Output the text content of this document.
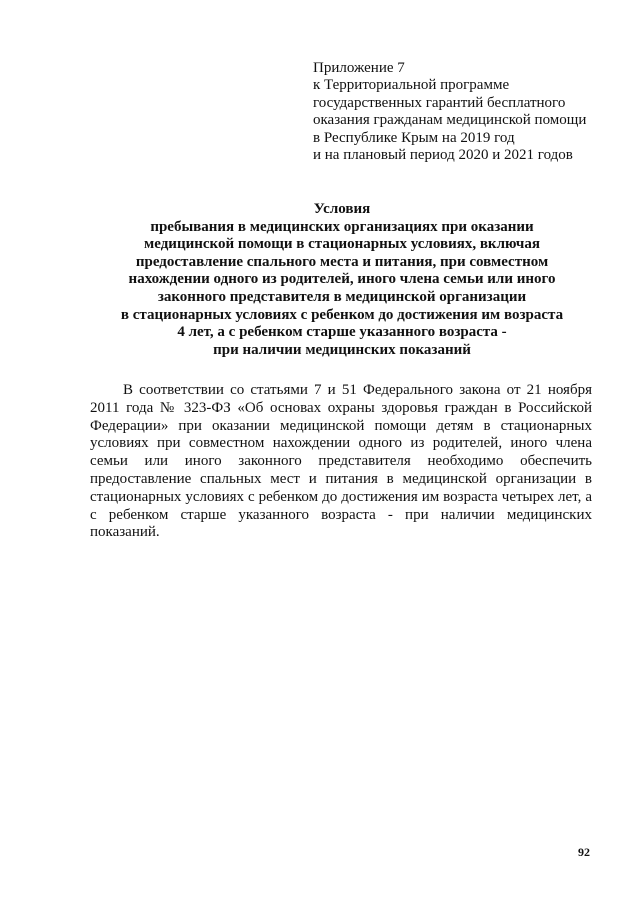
Приложение 7
к Территориальной программе
государственных гарантий бесплатного
оказания гражданам медицинской помощи
в Республике Крым на 2019 год
и на плановый период 2020 и 2021 годов
Условия
пребывания в медицинских организациях при оказании
медицинской помощи в стационарных условиях, включая
предоставление спального места и питания, при совместном
нахождении одного из родителей, иного члена семьи или иного
законного представителя в медицинской организации
в стационарных условиях с ребенком до достижения им возраста
4 лет, а с ребенком старше указанного возраста -
при наличии медицинских показаний

В соответствии со статьями 7 и 51 Федерального закона от 21 ноября 2011 года № 323-ФЗ «Об основах охраны здоровья граждан в Российской Федерации» при оказании медицинской помощи детям в стационарных условиях при совместном нахождении одного из родителей, иного члена семьи или иного законного представителя необходимо обеспечить предоставление спальных мест и питания в медицинской организации в стационарных условиях с ребенком до достижения им возраста четырех лет, а с ребенком старше указанного возраста - при наличии медицинских показаний.

92
